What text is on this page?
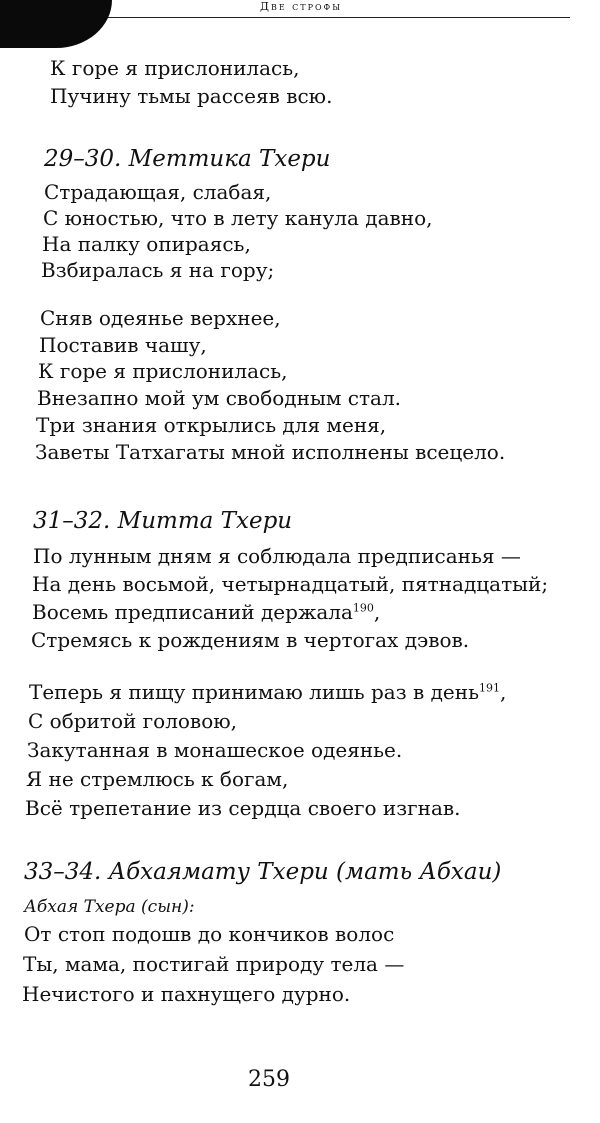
Две строфы
К горе я прислонилась,
Пучину тьмы рассеяв всю.
29–30. Меттика Тхери
Страдающая, слабая,
С юностью, что в лету канула давно,
На палку опираясь,
Взбиралась я на гору;
Сняв одеянье верхнее,
Поставив чашу,
К горе я прислонилась,
Внезапно мой ум свободным стал.
Три знания открылись для меня,
Заветы Татхагаты мной исполнены всецело.
31–32. Митта Тхери
По лунным дням я соблюдала предписанья —
На день восьмой, четырнадцатый, пятнадцатый;
Восемь предписаний держала$^{190}$,
Стремясь к рождениям в чертогах дэвов.
Теперь я пищу принимаю лишь раз в день$^{191}$,
С обритой головою,
Закутанная в монашеское одеянье.
Я не стремлюсь к богам,
Всё трепетание из сердца своего изгнав.
33–34. Абхаямату Тхери (мать Абхаи)
Абхая Тхера (сын):
От стоп подошв до кончиков волос
Ты, мама, постигай природу тела —
Нечистого и пахнущего дурно.
259
